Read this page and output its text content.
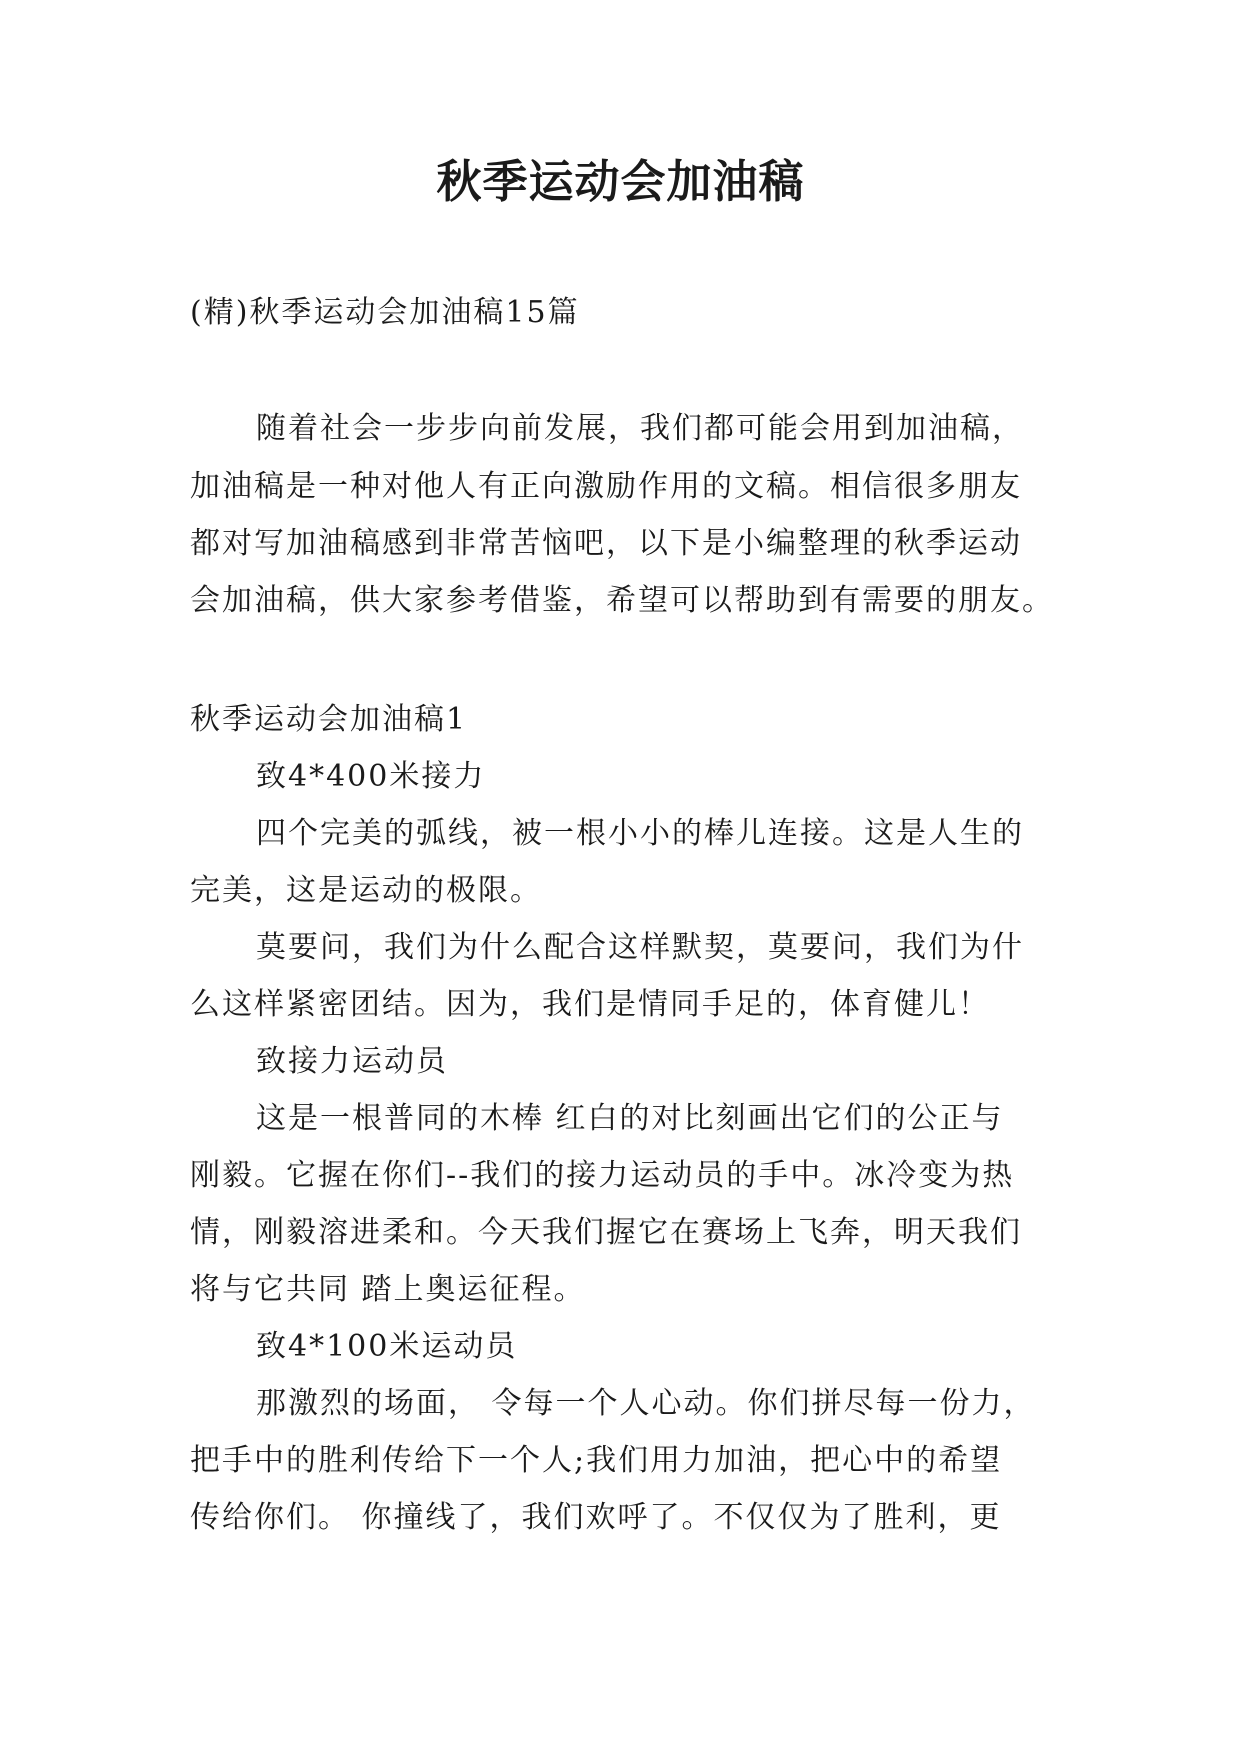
秋季运动会加油稿
(精)秋季运动会加油稿15篇
随着社会一步步向前发展，我们都可能会用到加油稿，
加油稿是一种对他人有正向激励作用的文稿。相信很多朋友
都对写加油稿感到非常苦恼吧，以下是小编整理的秋季运动
会加油稿，供大家参考借鉴，希望可以帮助到有需要的朋友。
秋季运动会加油稿1
致4*400米接力
四个完美的弧线，被一根小小的棒儿连接。这是人生的
完美，这是运动的极限。
莫要问，我们为什么配合这样默契，莫要问，我们为什
么这样紧密团结。因为，我们是情同手足的，体育健儿！
致接力运动员
这是一根普同的木棒 红白的对比刻画出它们的公正与
刚毅。它握在你们--我们的接力运动员的手中。冰冷变为热
情，刚毅溶进柔和。今天我们握它在赛场上飞奔，明天我们
将与它共同 踏上奥运征程。
致4*100米运动员
那激烈的场面， 令每一个人心动。你们拼尽每一份力，
把手中的胜利传给下一个人;我们用力加油，把心中的希望
传给你们。 你撞线了，我们欢呼了。不仅仅为了胜利，更
